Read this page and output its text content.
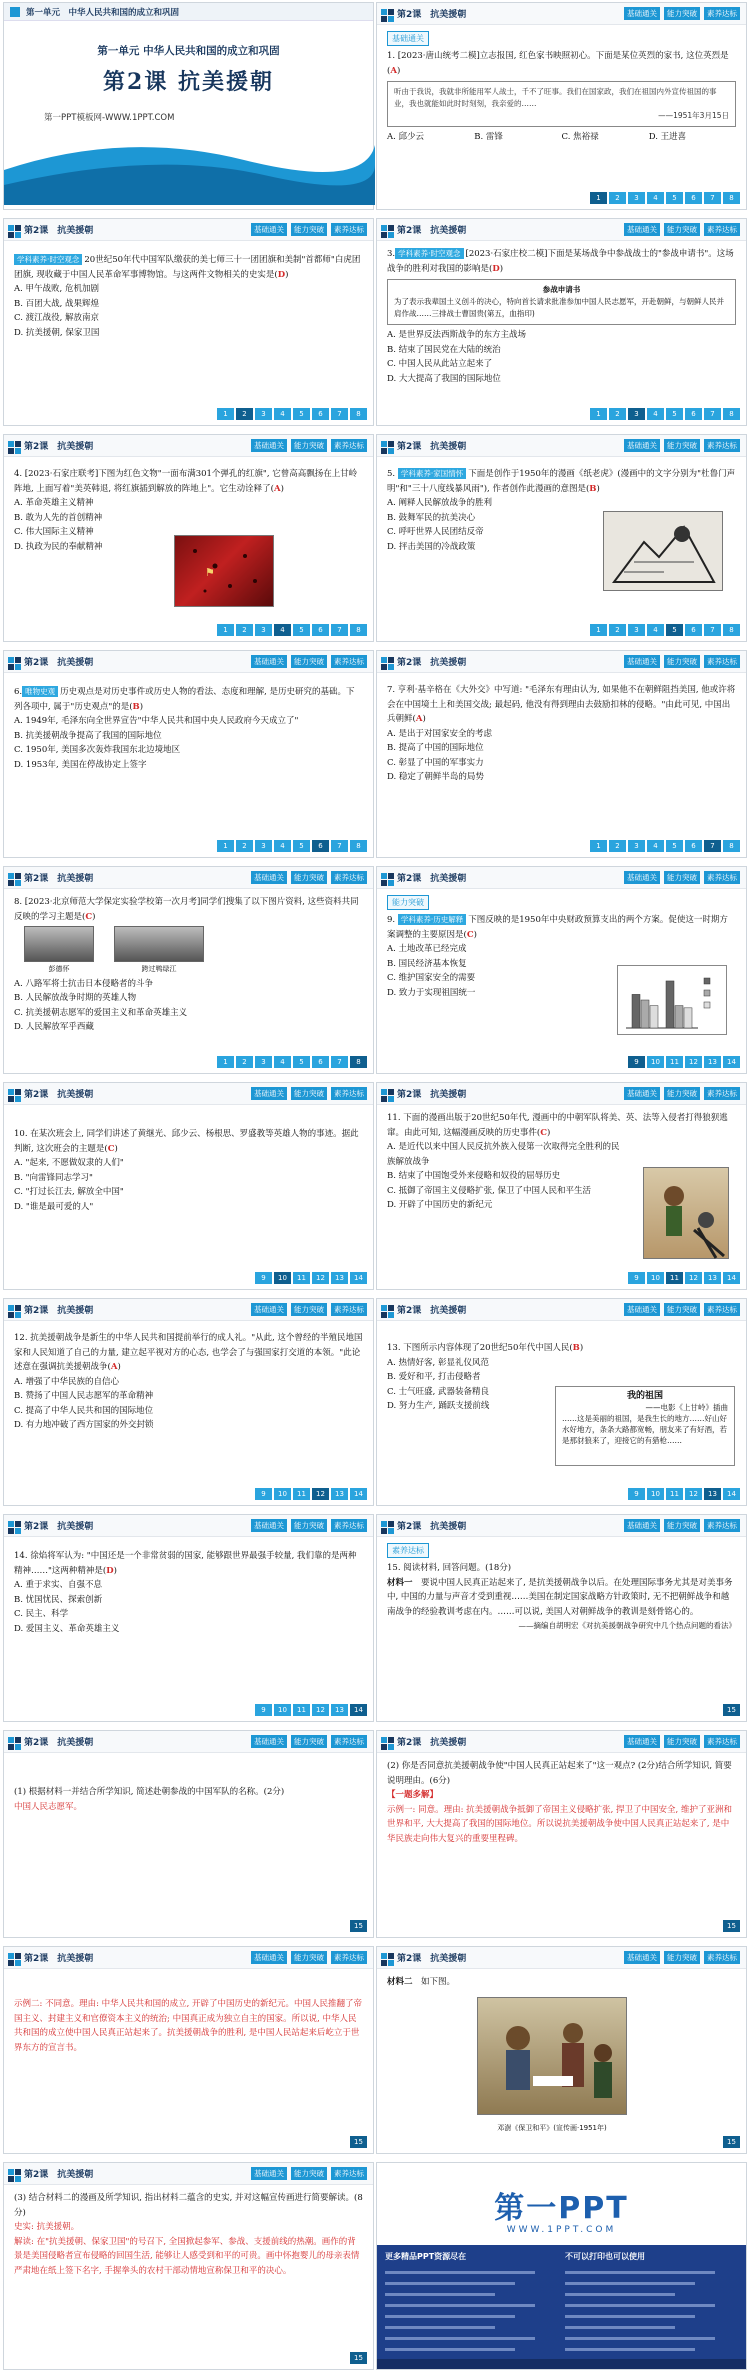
第一单元　中华人民共和国的成立和巩固
第一单元 中华人民共和国的成立和巩固
第2课 抗美援朝
第一PPT模板网-WWW.1PPT.COM
第2课　抗美援朝	基础通关	能力突破	素养达标
基础通关

1. [2023·唐山统考二模]立志报国, 红色家书映照初心。下面是某位英烈的家书, 这位英烈是(A)

听由于我说，我就非所能用军人战士，千不了旺事。我们在国家政，我们在祖国内外宣传祖国的事业，我也就能如此时时刻刻，我亲爱的……

——1951年3月15日

A. 邱少云	B. 雷锋	C. 焦裕禄	D. 王进喜
1	2	3	4	5	6	7	8
第2课　抗美援朝	基础通关	能力突破	素养达标

学科素养·时空观念 20世纪50年代中国军队缴获的美七师三十一团团旗和美制"首都师"白虎团团旗, 现收藏于中国人民革命军事博物馆。与这两件文物相关的史实是(D)

A. 甲午战败, 危机加剧

B. 百团大战, 战果辉煌

C. 渡江战役, 解放南京

D. 抗美援朝, 保家卫国

1	2	3	4	5	6	7	8
第2课　抗美援朝	基础通关	能力突破	素养达标

3. 学科素养·时空观念 [2023·石家庄校二模]下面是某场战争中参战战士的"参战申请书"。这场战争的胜利对我国的影响是(D)

参战申请书

为了表示我辈国土义创斗的决心，特向首长请求批准参加中国人民志愿军，开赴朝鲜，与朝鲜人民并肩作战……三排战士曹国贵(第五，血指印)

A. 是世界反法西斯战争的东方主战场

B. 结束了国民党在大陆的统治

C. 中国人民从此站立起来了

D. 大大提高了我国的国际地位

1	2	3	4	5	6	7	8
第2课　抗美援朝	基础通关	能力突破	素养达标

4. [2023·石家庄联考]下图为红色文物"一面布满301个弹孔的红旗", 它曾高高飘扬在上甘岭阵地, 上面写着"美英韩退, 将红旗插到解放的阵地上"。它生动诠释了(A)

A. 革命英雄主义精神

B. 敢为人先的首创精神

C. 伟大国际主义精神

D. 执政为民的奉献精神

⚑
1	2	3	4	5	6	7	8
第2课　抗美援朝	基础通关	能力突破	素养达标

5. 学科素养·家国情怀 下面是创作于1950年的漫画《纸老虎》(漫画中的文字分别为"杜鲁门声明"和"三十八度线暴风雨"), 作者创作此漫画的意图是(B)

A. 阐释人民解放战争的胜利

B. 鼓舞军民的抗美决心

C. 呼吁世界人民团结反帝

D. 抨击美国的冷战政策

1	2	3	4	5	6	7	8
第2课　抗美援朝	基础通关	能力突破	素养达标

6. 唯物史观 历史观点是对历史事件或历史人物的看法、态度和理解, 是历史研究的基础。下列各项中, 属于"历史观点"的是(B)

A. 1949年, 毛泽东向全世界宣告"中华人民共和国中央人民政府今天成立了"

B. 抗美援朝战争提高了我国的国际地位

C. 1950年, 美国多次轰炸我国东北边境地区

D. 1953年, 美国在停战协定上签字

1	2	3	4	5	6	7	8
第2课　抗美援朝	基础通关	能力突破	素养达标

7. 亨利·基辛格在《大外交》中写道: "毛泽东有理由认为, 如果他不在朝鲜阻挡美国, 他或许将会在中国境土上和美国交战; 最起码, 他没有得到理由去鼓励扣林的侵略。"由此可见, 中国出兵朝鲜(A)

A. 是出于对国家安全的考虑

B. 提高了中国的国际地位

C. 彰显了中国的军事实力

D. 稳定了朝鲜半岛的局势

1	2	3	4	5	6	7	8
第2课　抗美援朝	基础通关	能力突破	素养达标

8. [2023·北京师范大学保定实验学校第一次月考]同学们搜集了以下图片资料, 这些资料共同反映的学习主题是(C)

彭德怀	跨过鸭绿江

A. 八路军将士抗击日本侵略者的斗争

B. 人民解放战争时期的英雄人物

C. 抗美援朝志愿军的爱国主义和革命英雄主义

D. 人民解放军乎西藏

1	2	3	4	5	6	7	8
第2课　抗美援朝	基础通关	能力突破	素养达标
能力突破

9. 学科素养·历史解释 下图反映的是1950年中央财政预算支出的两个方案。促使这一时期方案调整的主要原因是(C)

A. 土地改革已经完成

B. 国民经济基本恢复

C. 维护国家安全的需要

D. 致力于实现祖国统一

9	10	11	12	13	14
第2课　抗美援朝	基础通关	能力突破	素养达标

10. 在某次班会上, 同学们讲述了黄继光、邱少云、杨根思、罗盛教等英雄人物的事迹。据此判断, 这次班会的主题是(C)

A. "起来, 不愿做奴隶的人们"

B. "向雷锋同志学习"

C. "打过长江去, 解放全中国"

D. "谁是最可爱的人"

9	10	11	12	13	14
第2课　抗美援朝	基础通关	能力突破	素养达标

11. 下面的漫画出版于20世纪50年代, 漫画中的中朝军队将美、英、法等入侵者打得狼狈逃窜。由此可知, 这幅漫画反映的历史事件(C)

A. 是近代以来中国人民反抗外族入侵第一次取得完全胜利的民族解放战争

B. 结束了中国饱受外来侵略和奴役的屈辱历史

C. 抵御了帝国主义侵略扩张, 保卫了中国人民和平生活

D. 开辟了中国历史的新纪元

9	10	11	12	13	14
第2课　抗美援朝	基础通关	能力突破	素养达标

12. 抗美援朝战争是新生的中华人民共和国提前举行的成人礼。"从此, 这个曾经的半殖民地国家和人民知道了自己的力量, 建立起平视对方的心态, 也学会了与强国家打交道的本领。"此论述意在强调抗美援朝战争(A)

A. 增强了中华民族的自信心

B. 赞扬了中国人民志愿军的革命精神

C. 提高了中华人民共和国的国际地位

D. 有力地冲破了西方国家的外交封锁

9	10	11	12	13	14
第2课　抗美援朝	基础通关	能力突破	素养达标

13. 下图所示内容体现了20世纪50年代中国人民(B)

A. 热情好客, 彰显礼仪风范

B. 爱好和平, 打击侵略者

C. 士气旺盛, 武器装备精良

D. 努力生产, 踊跃支援前线

我的祖国

——电影《上甘岭》插曲

……这是美丽的祖国，是我生长的地方……好山好水好地方，条条大路都宽畅，朋友来了有好酒，若是那豺狼来了，迎接它的有猎枪……

9	10	11	12	13	14
第2课　抗美援朝	基础通关	能力突破	素养达标

14. 徐焰将军认为: "中国还是一个非常贫弱的国家, 能够跟世界最强手较量, 我们靠的是两种精神……"这两种精神是(D)

A. 重于求实、自强不息

B. 忧国忧民、探索创新

C. 民主、科学

D. 爱国主义、革命英雄主义

9	10	11	12	13	14
第2课　抗美援朝	基础通关	能力突破	素养达标
素养达标

15. 阅读材料, 回答问题。(18分)

材料一　 要说中国人民真正站起来了, 是抗美援朝战争以后。在处理国际事务尤其是对美事务中, 中国的力量与声音才受到重视……美国在制定国家战略方针政策时, 无不把朝鲜战争和越南战争的经验教训考虑在内。……可以说, 美国人对朝鲜战争的教训是刻骨铭心的。

——摘编自胡明宏《对抗美援朝战争研究中几个热点问题的看法》

15
第2课　抗美援朝	基础通关	能力突破	素养达标

(1) 根据材料一并结合所学知识, 简述赴朝参战的中国军队的名称。(2分)

中国人民志愿军。

15
第2课　抗美援朝	基础通关	能力突破	素养达标

(2) 你是否同意抗美援朝战争使"中国人民真正站起来了"这一观点? (2分)结合所学知识, 简要说明理由。(6分)

【一题多解】

示例一: 同意。理由: 抗美援朝战争抵御了帝国主义侵略扩张, 捍卫了中国安全, 维护了亚洲和世界和平, 大大提高了我国的国际地位。所以说抗美援朝战争使中国人民真正站起来了, 是中华民族走向伟大复兴的重要里程碑。

15
第2课　抗美援朝	基础通关	能力突破	素养达标

示例二: 不同意。理由: 中华人民共和国的成立, 开辟了中国历史的新纪元。中国人民推翻了帝国主义、封建主义和官僚资本主义的统治; 中国真正成为独立自主的国家。所以说, 中华人民共和国的成立使中国人民真正站起来了。抗美援朝战争的胜利, 是中国人民站起来后屹立于世界东方的宣言书。

15
第2课　抗美援朝	基础通关	能力突破	素养达标

材料二　 如下图。

邓澍《保卫和平》(宣传画·1951年)
15
第2课　抗美援朝	基础通关	能力突破	素养达标

(3) 结合材料二的漫画及所学知识, 指出材料二蕴含的史实, 并对这幅宣传画进行简要解读。(8分)

史实: 抗美援朝。

解读: 在"抗美援朝、保家卫国"的号召下, 全国掀起参军、参战、支援前线的热潮。画作的背景是美国侵略者宣布侵略的回国生活, 能够让人感受到和平的可贵。画中怀抱婴儿的母亲表情严肃地在纸上签下名字, 手握拳头的农村干部动情地宣称保卫和平的决心。

15
第一PPT
WWW.1PPT.COM
更多精品PPT资源尽在	不可以打印也可以使用
